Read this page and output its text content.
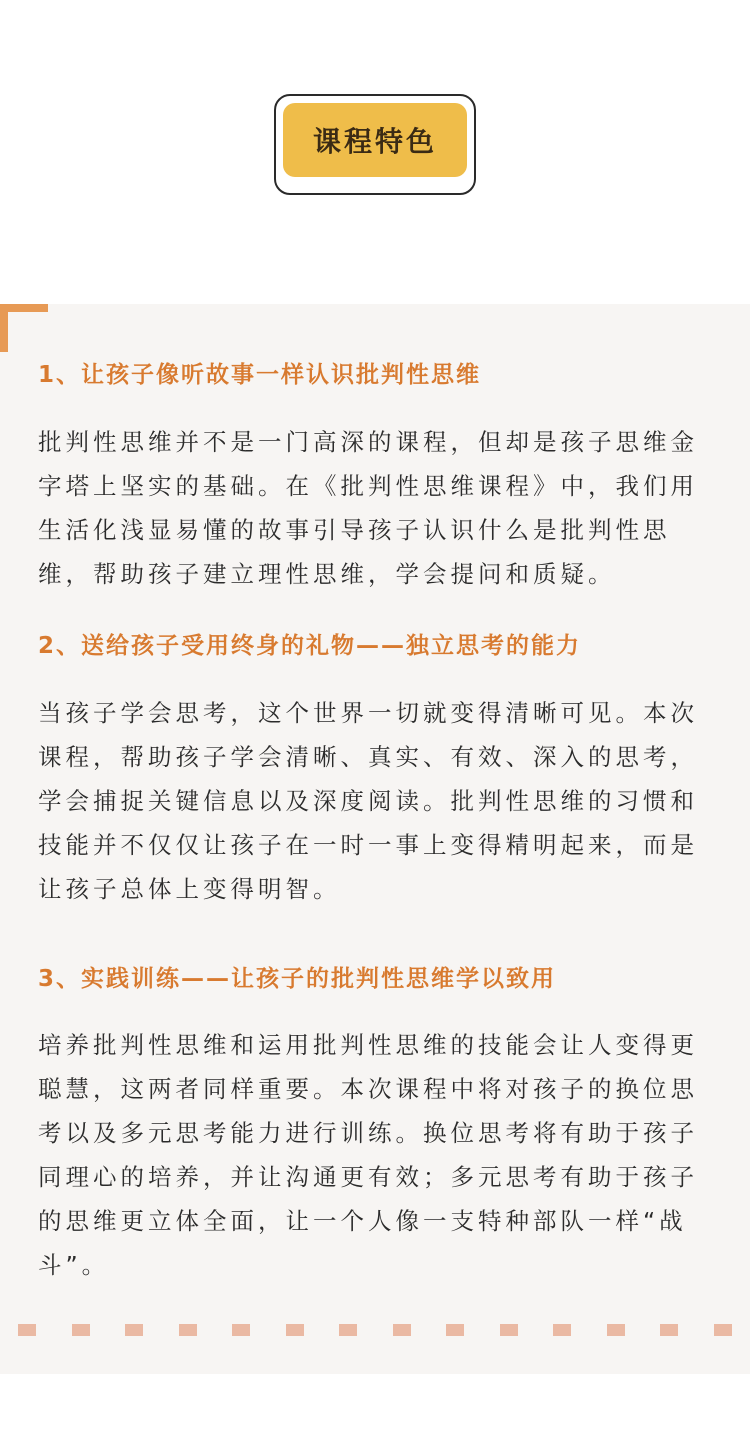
课程特色
1、让孩子像听故事一样认识批判性思维

批判性思维并不是一门高深的课程，但却是孩子思维金字塔上坚实的基础。在《批判性思维课程》中，我们用生活化浅显易懂的故事引导孩子认识什么是批判性思维，帮助孩子建立理性思维，学会提问和质疑。

2、送给孩子受用终身的礼物——独立思考的能力

当孩子学会思考，这个世界一切就变得清晰可见。本次课程，帮助孩子学会清晰、真实、有效、深入的思考，学会捕捉关键信息以及深度阅读。批判性思维的习惯和技能并不仅仅让孩子在一时一事上变得精明起来，而是让孩子总体上变得明智。

3、实践训练——让孩子的批判性思维学以致用

培养批判性思维和运用批判性思维的技能会让人变得更聪慧，这两者同样重要。本次课程中将对孩子的换位思考以及多元思考能力进行训练。换位思考将有助于孩子同理心的培养，并让沟通更有效；多元思考有助于孩子的思维更立体全面，让一个人像一支特种部队一样“战斗”。
